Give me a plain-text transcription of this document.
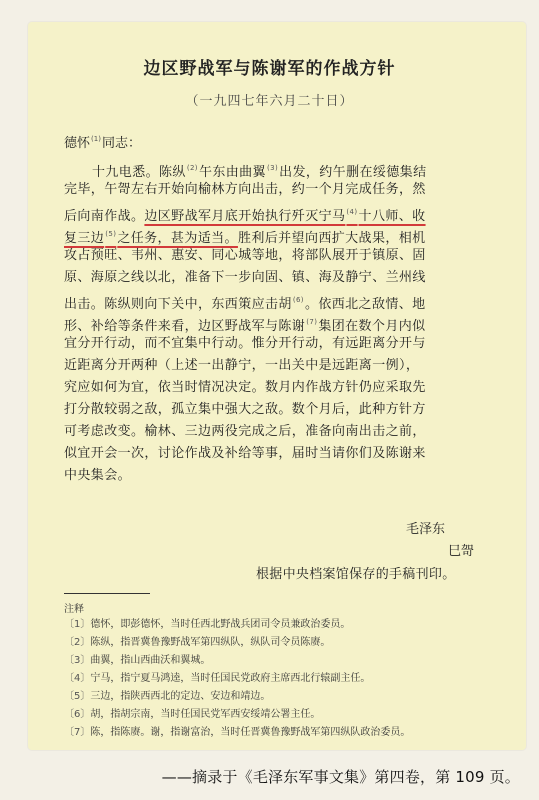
边区野战军与陈谢军的作战方针
（一九四七年六月二十日）
德怀$^{(1)}$同志：
十九电悉。陈纵$^{(2)}$午东由曲翼$^{(3)}$出发，约午删在绥德集结
完毕，午哿左右开始向榆林方向出击，约一个月完成任务，然
后向南作战。边区野战军月底开始执行歼灭宁马$^{(4)}$十八师、收
复三边$^{(5)}$之任务，甚为适当。胜利后并望向西扩大战果，相机
攻占预旺、韦州、惠安、同心城等地，将部队展开于镇原、固
原、海原之线以北，准备下一步向固、镇、海及静宁、兰州线
出击。陈纵则向下关中，东西策应击胡$^{(6)}$。依西北之敌情、地
形、补给等条件来看，边区野战军与陈谢$^{(7)}$集团在数个月内似
宜分开行动，而不宜集中行动。惟分开行动，有远距离分开与
近距离分开两种（上述一出静宁，一出关中是远距离一例），
究应如何为宜，依当时情况决定。数月内作战方针仍应采取先
打分散较弱之敌，孤立集中强大之敌。数个月后，此种方针方
可考虑改变。榆林、三边两役完成之后，准备向南出击之前，
似宜开会一次，讨论作战及补给等事，届时当请你们及陈谢来
中央集会。
毛泽东
巳哿
根据中央档案馆保存的手稿刊印。
注释
〔1〕德怀，即彭德怀，当时任西北野战兵团司令员兼政治委员。
〔2〕陈纵，指晋冀鲁豫野战军第四纵队，纵队司令员陈赓。
〔3〕曲翼，指山西曲沃和翼城。
〔4〕宁马，指宁夏马鸿逵，当时任国民党政府主席西北行辕副主任。
〔5〕三边，指陕西西北的定边、安边和靖边。
〔6〕胡，指胡宗南，当时任国民党军西安绥靖公署主任。
〔7〕陈，指陈赓。谢，指谢富治，当时任晋冀鲁豫野战军第四纵队政治委员。
——摘录于《毛泽东军事文集》第四卷，第 109 页。
